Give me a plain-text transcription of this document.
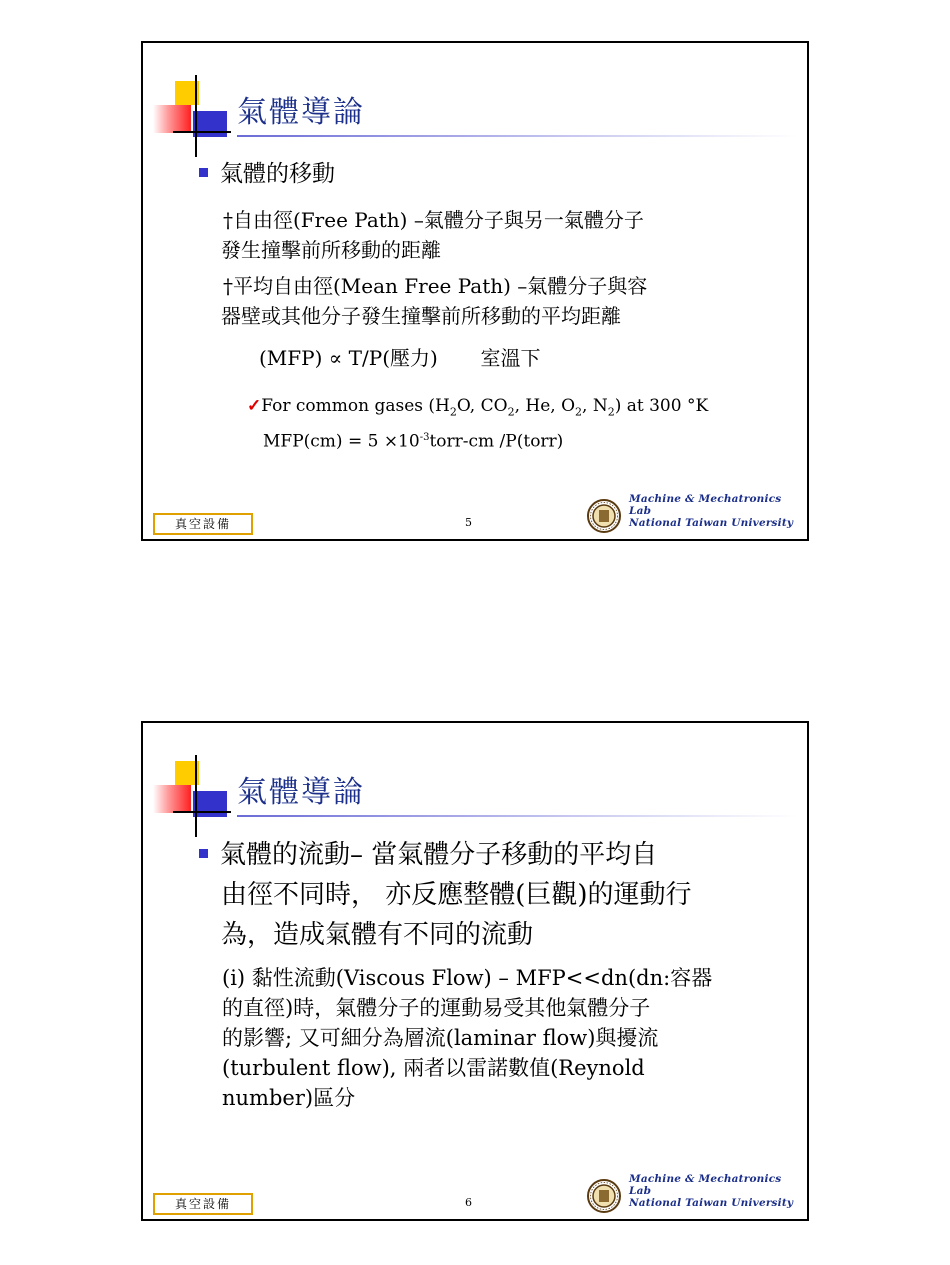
氣體導論
氣體的移動
†自由徑(Free Path) –氣體分子與另一氣體分子
發生撞擊前所移動的距離
†平均自由徑(Mean Free Path) –氣體分子與容
器壁或其他分子發生撞擊前所移動的平均距離
(MFP) ∝ T/P(壓力) 室溫下
✓For common gases ($H_2O$, $CO_2$, He, $O_2$, $N_2$) at 300 °K
$MFP(cm) = 5 \times 10^{-3}torr-cm$ /P(torr)
真空設備	5
Machine & Mechatronics Lab
National Taiwan University
氣體導論
氣體的流動– 當氣體分子移動的平均自
由徑不同時， 亦反應整體(巨觀)的運動行
為，造成氣體有不同的流動
(i) 黏性流動(Viscous Flow) – MFP<<dn(dn:容器
的直徑)時，氣體分子的運動易受其他氣體分子
的影響; 又可細分為層流(laminar flow)與擾流
(turbulent flow), 兩者以雷諾數值(Reynold
number)區分
真空設備	6
Machine & Mechatronics Lab
National Taiwan University
